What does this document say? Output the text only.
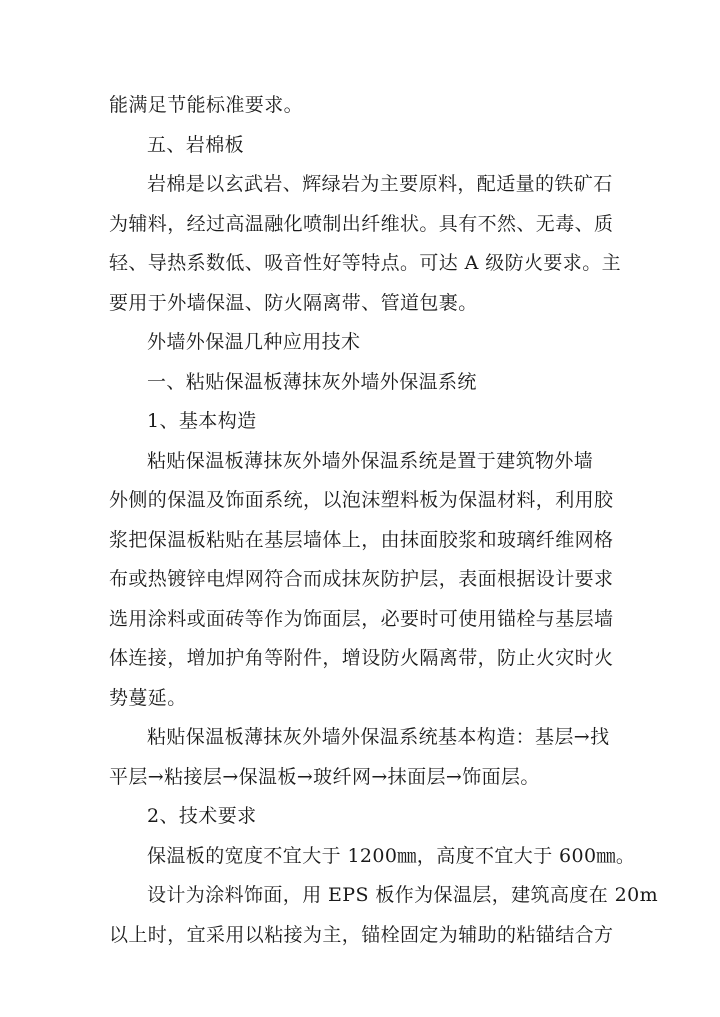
能满足节能标准要求。
五、岩棉板
岩棉是以玄武岩、辉绿岩为主要原料，配适量的铁矿石
为辅料，经过高温融化喷制出纤维状。具有不然、无毒、质
轻、导热系数低、吸音性好等特点。可达 A 级防火要求。主
要用于外墙保温、防火隔离带、管道包裹。
外墙外保温几种应用技术
一、粘贴保温板薄抹灰外墙外保温系统
1、基本构造
粘贴保温板薄抹灰外墙外保温系统是置于建筑物外墙
外侧的保温及饰面系统，以泡沫塑料板为保温材料，利用胶
浆把保温板粘贴在基层墙体上，由抹面胶浆和玻璃纤维网格
布或热镀锌电焊网符合而成抹灰防护层，表面根据设计要求
选用涂料或面砖等作为饰面层，必要时可使用锚栓与基层墙
体连接，增加护角等附件，增设防火隔离带，防止火灾时火
势蔓延。
粘贴保温板薄抹灰外墙外保温系统基本构造：基层→找
平层→粘接层→保温板→玻纤网→抹面层→饰面层。
2、技术要求
保温板的宽度不宜大于 1200㎜，高度不宜大于 600㎜。
设计为涂料饰面，用 EPS 板作为保温层，建筑高度在 20m
以上时，宜采用以粘接为主，锚栓固定为辅助的粘锚结合方
